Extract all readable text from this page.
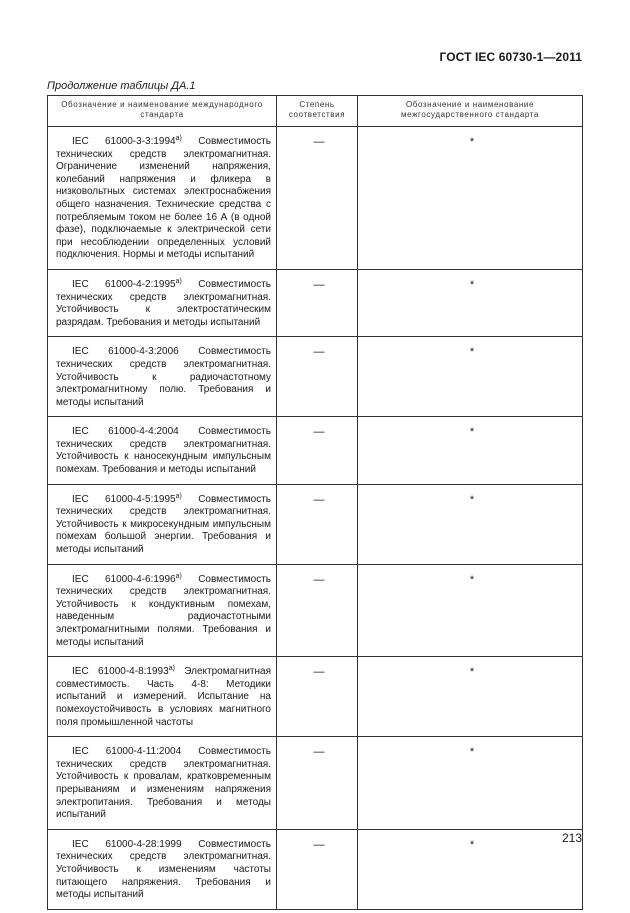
ГОСТ IEC 60730-1—2011
Продолжение таблицы ДА.1
Обозначение и наименование международного стандарта	Степень соответствия	Обозначение и наименование межгосударственного стандарта

IEC 61000-3-3:1994$^{a)}$ Совместимость технических средств электромагнитная. Ограничение изменений напряжения, колебаний напряжения и фликера в низковольтных системах электроснабжения общего назначения. Технические средства с потребляемым током не более 16 А (в одной фазе), подключаемые к электрической сети при несоблюдении определенных условий подключения. Нормы и методы испытаний	—	*

IEC 61000-4-2:1995$^{a)}$ Совместимость технических средств электромагнитная. Устойчивость к электростатическим разрядам. Требования и методы испытаний	—	*

IEC 61000-4-3:2006 Совместимость технических средств электромагнитная. Устойчивость к радиочастотному электромагнитному полю. Требования и методы испытаний	—	*

IEC 61000-4-4:2004 Совместимость технических средств электромагнитная. Устойчивость к наносекундным импульсным помехам. Требования и методы испытаний	—	*

IEC 61000-4-5:1995$^{a)}$ Совместимость технических средств электромагнитная. Устойчивость к микросекундным импульсным помехам большой энергии. Требования и методы испытаний	—	*

IEC 61000-4-6:1996$^{a)}$ Совместимость технических средств электромагнитная. Устойчивость к кондуктивным помехам, наведенным радиочастотными электромагнитными полями. Требования и методы испытаний	—	*

IEC 61000-4-8:1993$^{a)}$ Электромагнитная совместимость. Часть 4-8: Методики испытаний и измерений. Испытание на помехоустойчивость в условиях магнитного поля промышленной частоты	—	*

IEC 61000-4-11:2004 Совместимость технических средств электромагнитная. Устойчивость к провалам, кратковременным прерываниям и изменениям напряжения электропитания. Требования и методы испытаний	—	*

IEC 61000-4-28:1999 Совместимость технических средств электромагнитная. Устойчивость к изменениям частоты питающего напряжения. Требования и методы испытаний	—	*	213
